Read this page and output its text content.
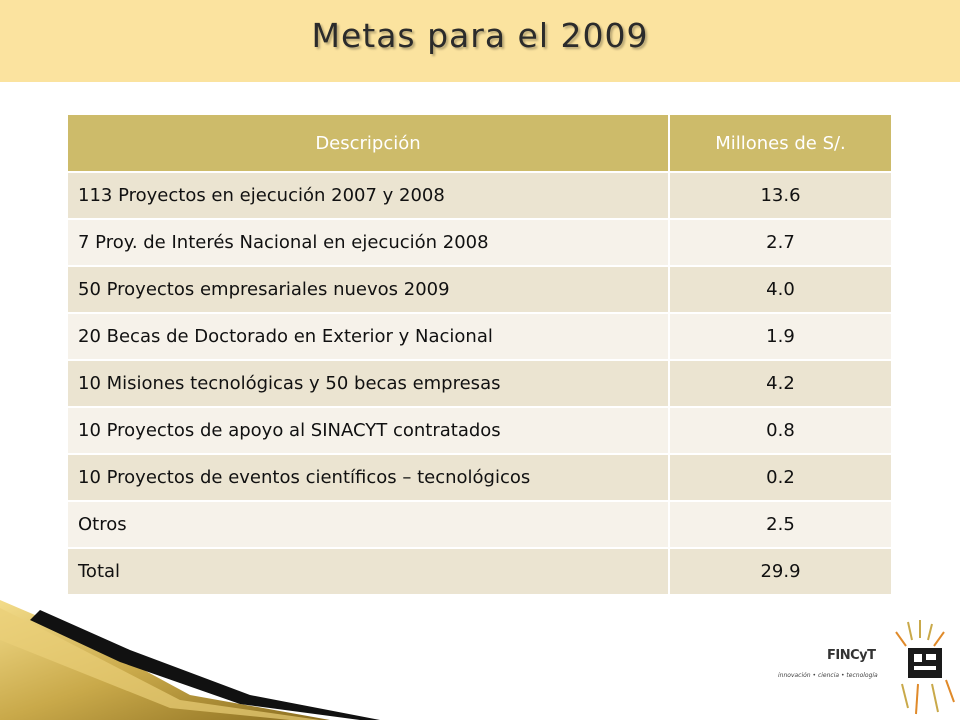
Metas para el 2009
Descripción	Millones de S/.
113 Proyectos en ejecución 2007 y 2008	13.6
7 Proy. de Interés Nacional en ejecución 2008	2.7
50 Proyectos empresariales nuevos 2009	4.0
20 Becas de Doctorado en Exterior y Nacional	1.9
10 Misiones tecnológicas y 50 becas empresas	4.2
10 Proyectos de apoyo al SINACYT contratados	0.8
10 Proyectos de eventos científicos – tecnológicos	0.2
Otros	2.5
Total	29.9
FINCyT
innovación • ciencia • tecnología
